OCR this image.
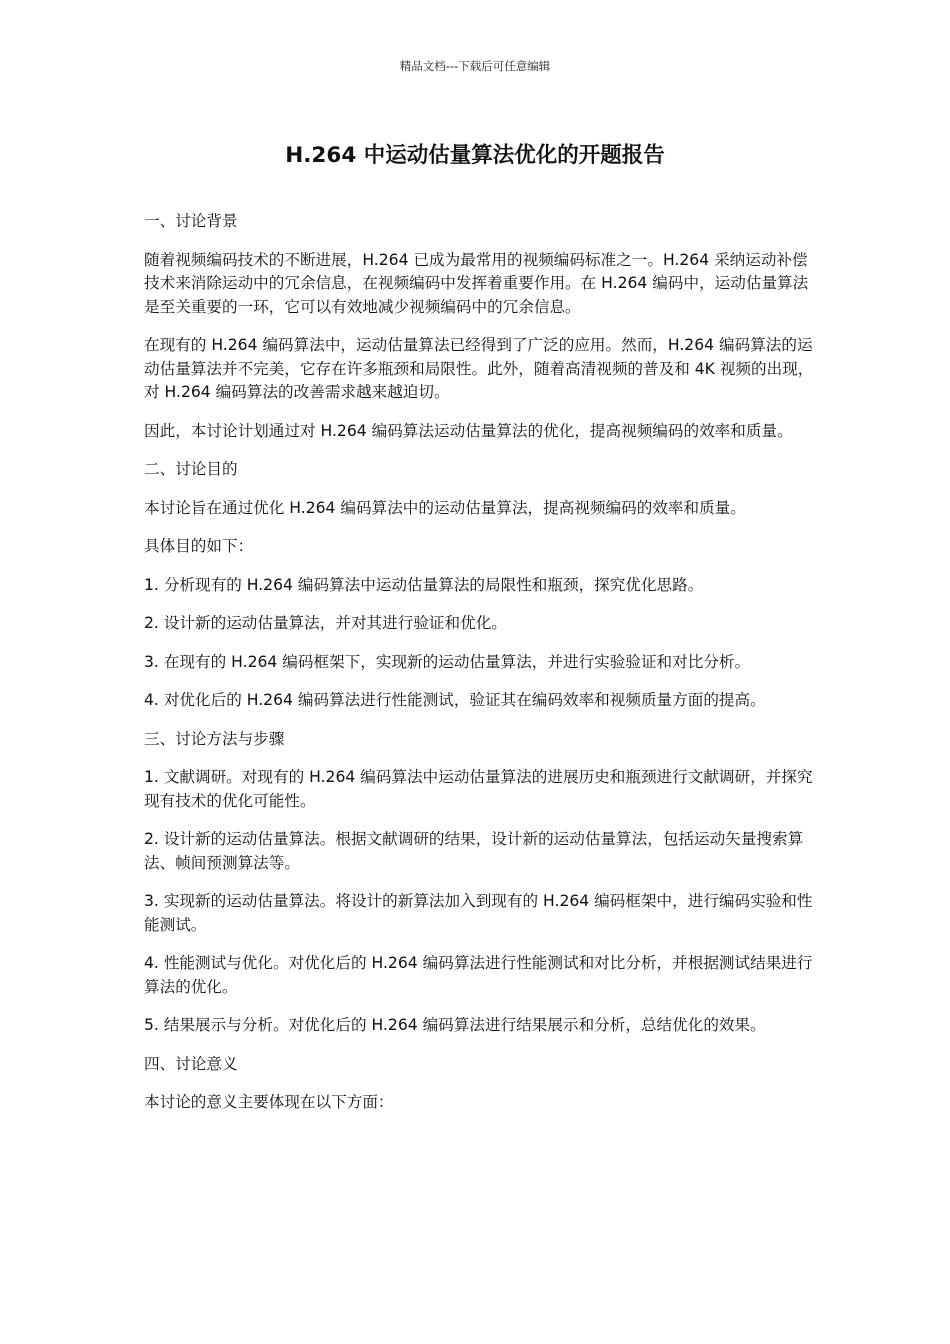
精品文档---下载后可任意编辑
H.264 中运动估量算法优化的开题报告

一、讨论背景

随着视频编码技术的不断进展，H.264 已成为最常用的视频编码标准之一。H.264 采纳运动补偿技术来消除运动中的冗余信息，在视频编码中发挥着重要作用。在 H.264 编码中，运动估量算法是至关重要的一环，它可以有效地减少视频编码中的冗余信息。

在现有的 H.264 编码算法中，运动估量算法已经得到了广泛的应用。然而，H.264 编码算法的运动估量算法并不完美，它存在许多瓶颈和局限性。此外，随着高清视频的普及和 4K 视频的出现，对 H.264 编码算法的改善需求越来越迫切。

因此，本讨论计划通过对 H.264 编码算法运动估量算法的优化，提高视频编码的效率和质量。

二、讨论目的

本讨论旨在通过优化 H.264 编码算法中的运动估量算法，提高视频编码的效率和质量。

具体目的如下：

1. 分析现有的 H.264 编码算法中运动估量算法的局限性和瓶颈，探究优化思路。

2. 设计新的运动估量算法，并对其进行验证和优化。

3. 在现有的 H.264 编码框架下，实现新的运动估量算法，并进行实验验证和对比分析。

4. 对优化后的 H.264 编码算法进行性能测试，验证其在编码效率和视频质量方面的提高。

三、讨论方法与步骤

1. 文献调研。对现有的 H.264 编码算法中运动估量算法的进展历史和瓶颈进行文献调研，并探究现有技术的优化可能性。

2. 设计新的运动估量算法。根据文献调研的结果，设计新的运动估量算法，包括运动矢量搜索算法、帧间预测算法等。

3. 实现新的运动估量算法。将设计的新算法加入到现有的 H.264 编码框架中，进行编码实验和性能测试。

4. 性能测试与优化。对优化后的 H.264 编码算法进行性能测试和对比分析，并根据测试结果进行算法的优化。

5. 结果展示与分析。对优化后的 H.264 编码算法进行结果展示和分析，总结优化的效果。

四、讨论意义

本讨论的意义主要体现在以下方面：
